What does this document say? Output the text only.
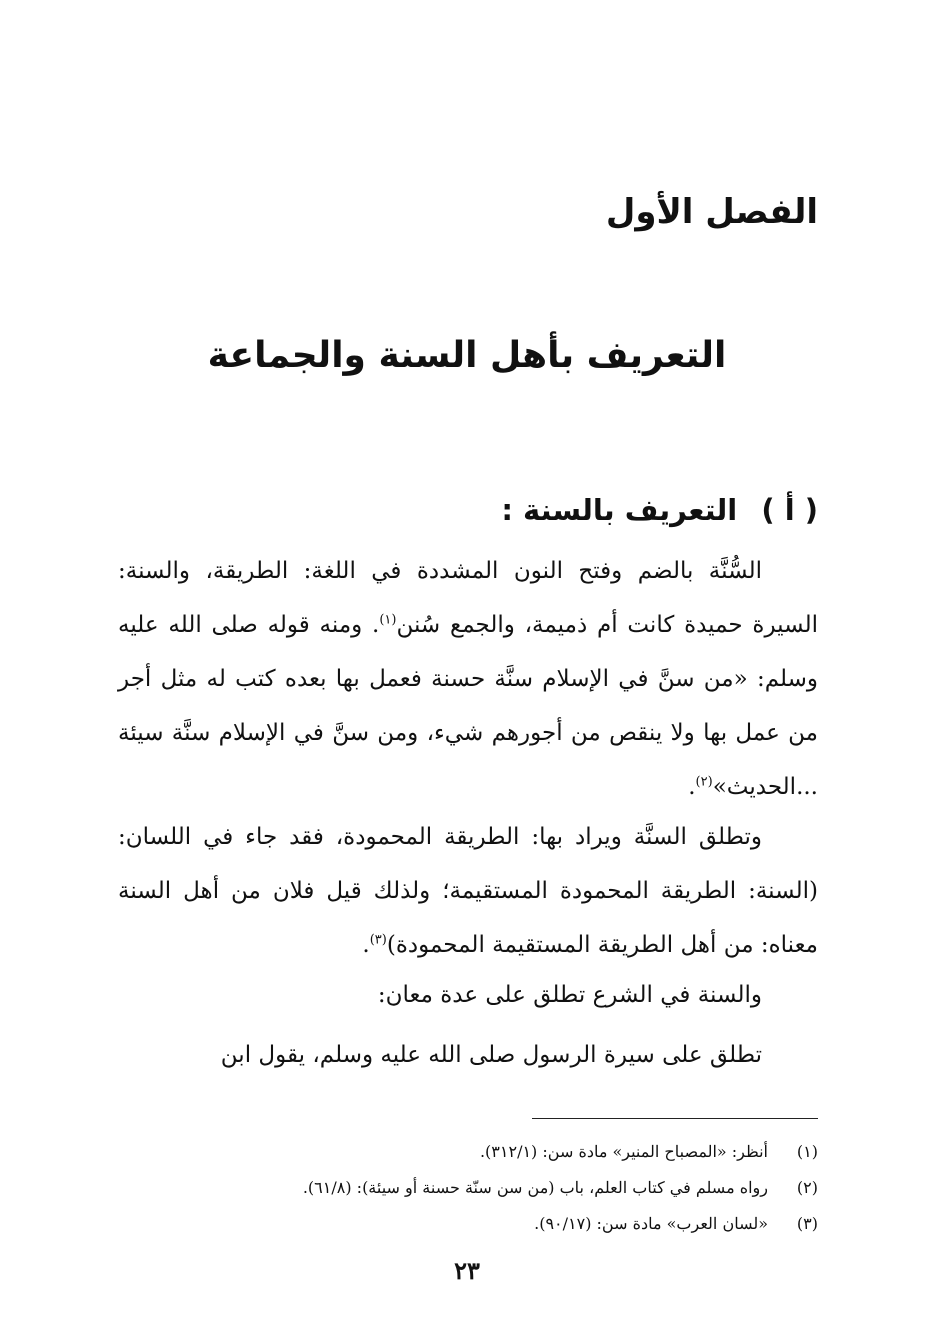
الفصل الأول
التعريف بأهل السنة والجماعة
( أ ) التعريف بالسنة :
السُّنَّة بالضم وفتح النون المشددة في اللغة: الطريقة، والسنة: السيرة حميدة كانت أم ذميمة، والجمع سُنن$^{(١)}$. ومنه قوله صلى الله عليه وسلم: «من سنَّ في الإسلام سنَّة حسنة فعمل بها بعده كتب له مثل أجر من عمل بها ولا ينقص من أجورهم شيء، ومن سنَّ في الإسلام سنَّة سيئة ...الحديث»$^{(٢)}$.
وتطلق السنَّة ويراد بها: الطريقة المحمودة، فقد جاء في اللسان: (السنة: الطريقة المحمودة المستقيمة؛ ولذلك قيل فلان من أهل السنة معناه: من أهل الطريقة المستقيمة المحمودة)$^{(٣)}$.
والسنة في الشرع تطلق على عدة معان:
تطلق على سيرة الرسول صلى الله عليه وسلم، يقول ابن
(١)أنظر: «المصباح المنير» مادة سن: (٣١٢/١).
(٢)رواه مسلم في كتاب العلم، باب (من سن سنّة حسنة أو سيئة): (٦١/٨).
(٣)«لسان العرب» مادة سن: (٩٠/١٧).
٢٣
